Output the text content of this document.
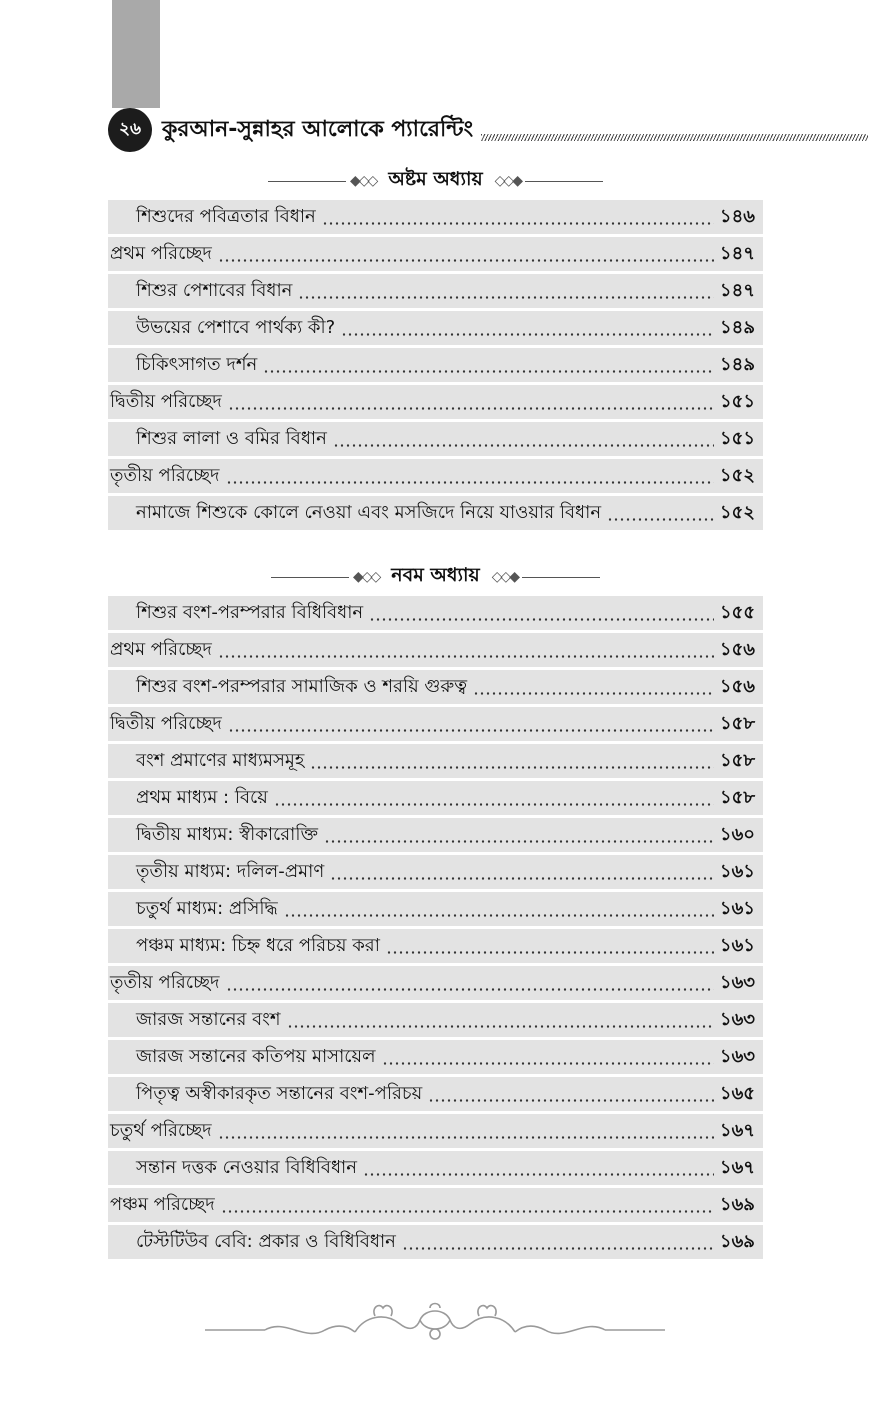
২৬ কুরআন-সুন্নাহর আলোকে প্যারেন্টিং
◆◇◇ অষ্টম অধ্যায় ◇◇◆
শিশুদের পবিত্রতার বিধান	১৪৬
প্রথম পরিচ্ছেদ	১৪৭
শিশুর পেশাবের বিধান	১৪৭
উভয়ের পেশাবে পার্থক্য কী?	১৪৯
চিকিৎসাগত দর্শন	১৪৯
দ্বিতীয় পরিচ্ছেদ	১৫১
শিশুর লালা ও বমির বিধান	১৫১
তৃতীয় পরিচ্ছেদ	১৫২
নামাজে শিশুকে কোলে নেওয়া এবং মসজিদে নিয়ে যাওয়ার বিধান	১৫২
◆◇◇ নবম অধ্যায় ◇◇◆
শিশুর বংশ-পরম্পরার বিধিবিধান	১৫৫
প্রথম পরিচ্ছেদ	১৫৬
শিশুর বংশ-পরম্পরার সামাজিক ও শরয়ি গুরুত্ব	১৫৬
দ্বিতীয় পরিচ্ছেদ	১৫৮
বংশ প্রমাণের মাধ্যমসমূহ	১৫৮
প্রথম মাধ্যম : বিয়ে	১৫৮
দ্বিতীয় মাধ্যম: স্বীকারোক্তি	১৬০
তৃতীয় মাধ্যম: দলিল-প্রমাণ	১৬১
চতুর্থ মাধ্যম: প্রসিদ্ধি	১৬১
পঞ্চম মাধ্যম: চিহ্ন ধরে পরিচয় করা	১৬১
তৃতীয় পরিচ্ছেদ	১৬৩
জারজ সন্তানের বংশ	১৬৩
জারজ সন্তানের কতিপয় মাসায়েল	১৬৩
পিতৃত্ব অস্বীকারকৃত সন্তানের বংশ-পরিচয়	১৬৫
চতুর্থ পরিচ্ছেদ	১৬৭
সন্তান দত্তক নেওয়ার বিধিবিধান	১৬৭
পঞ্চম পরিচ্ছেদ	১৬৯
টেস্টটিউব বেবি: প্রকার ও বিধিবিধান	১৬৯
